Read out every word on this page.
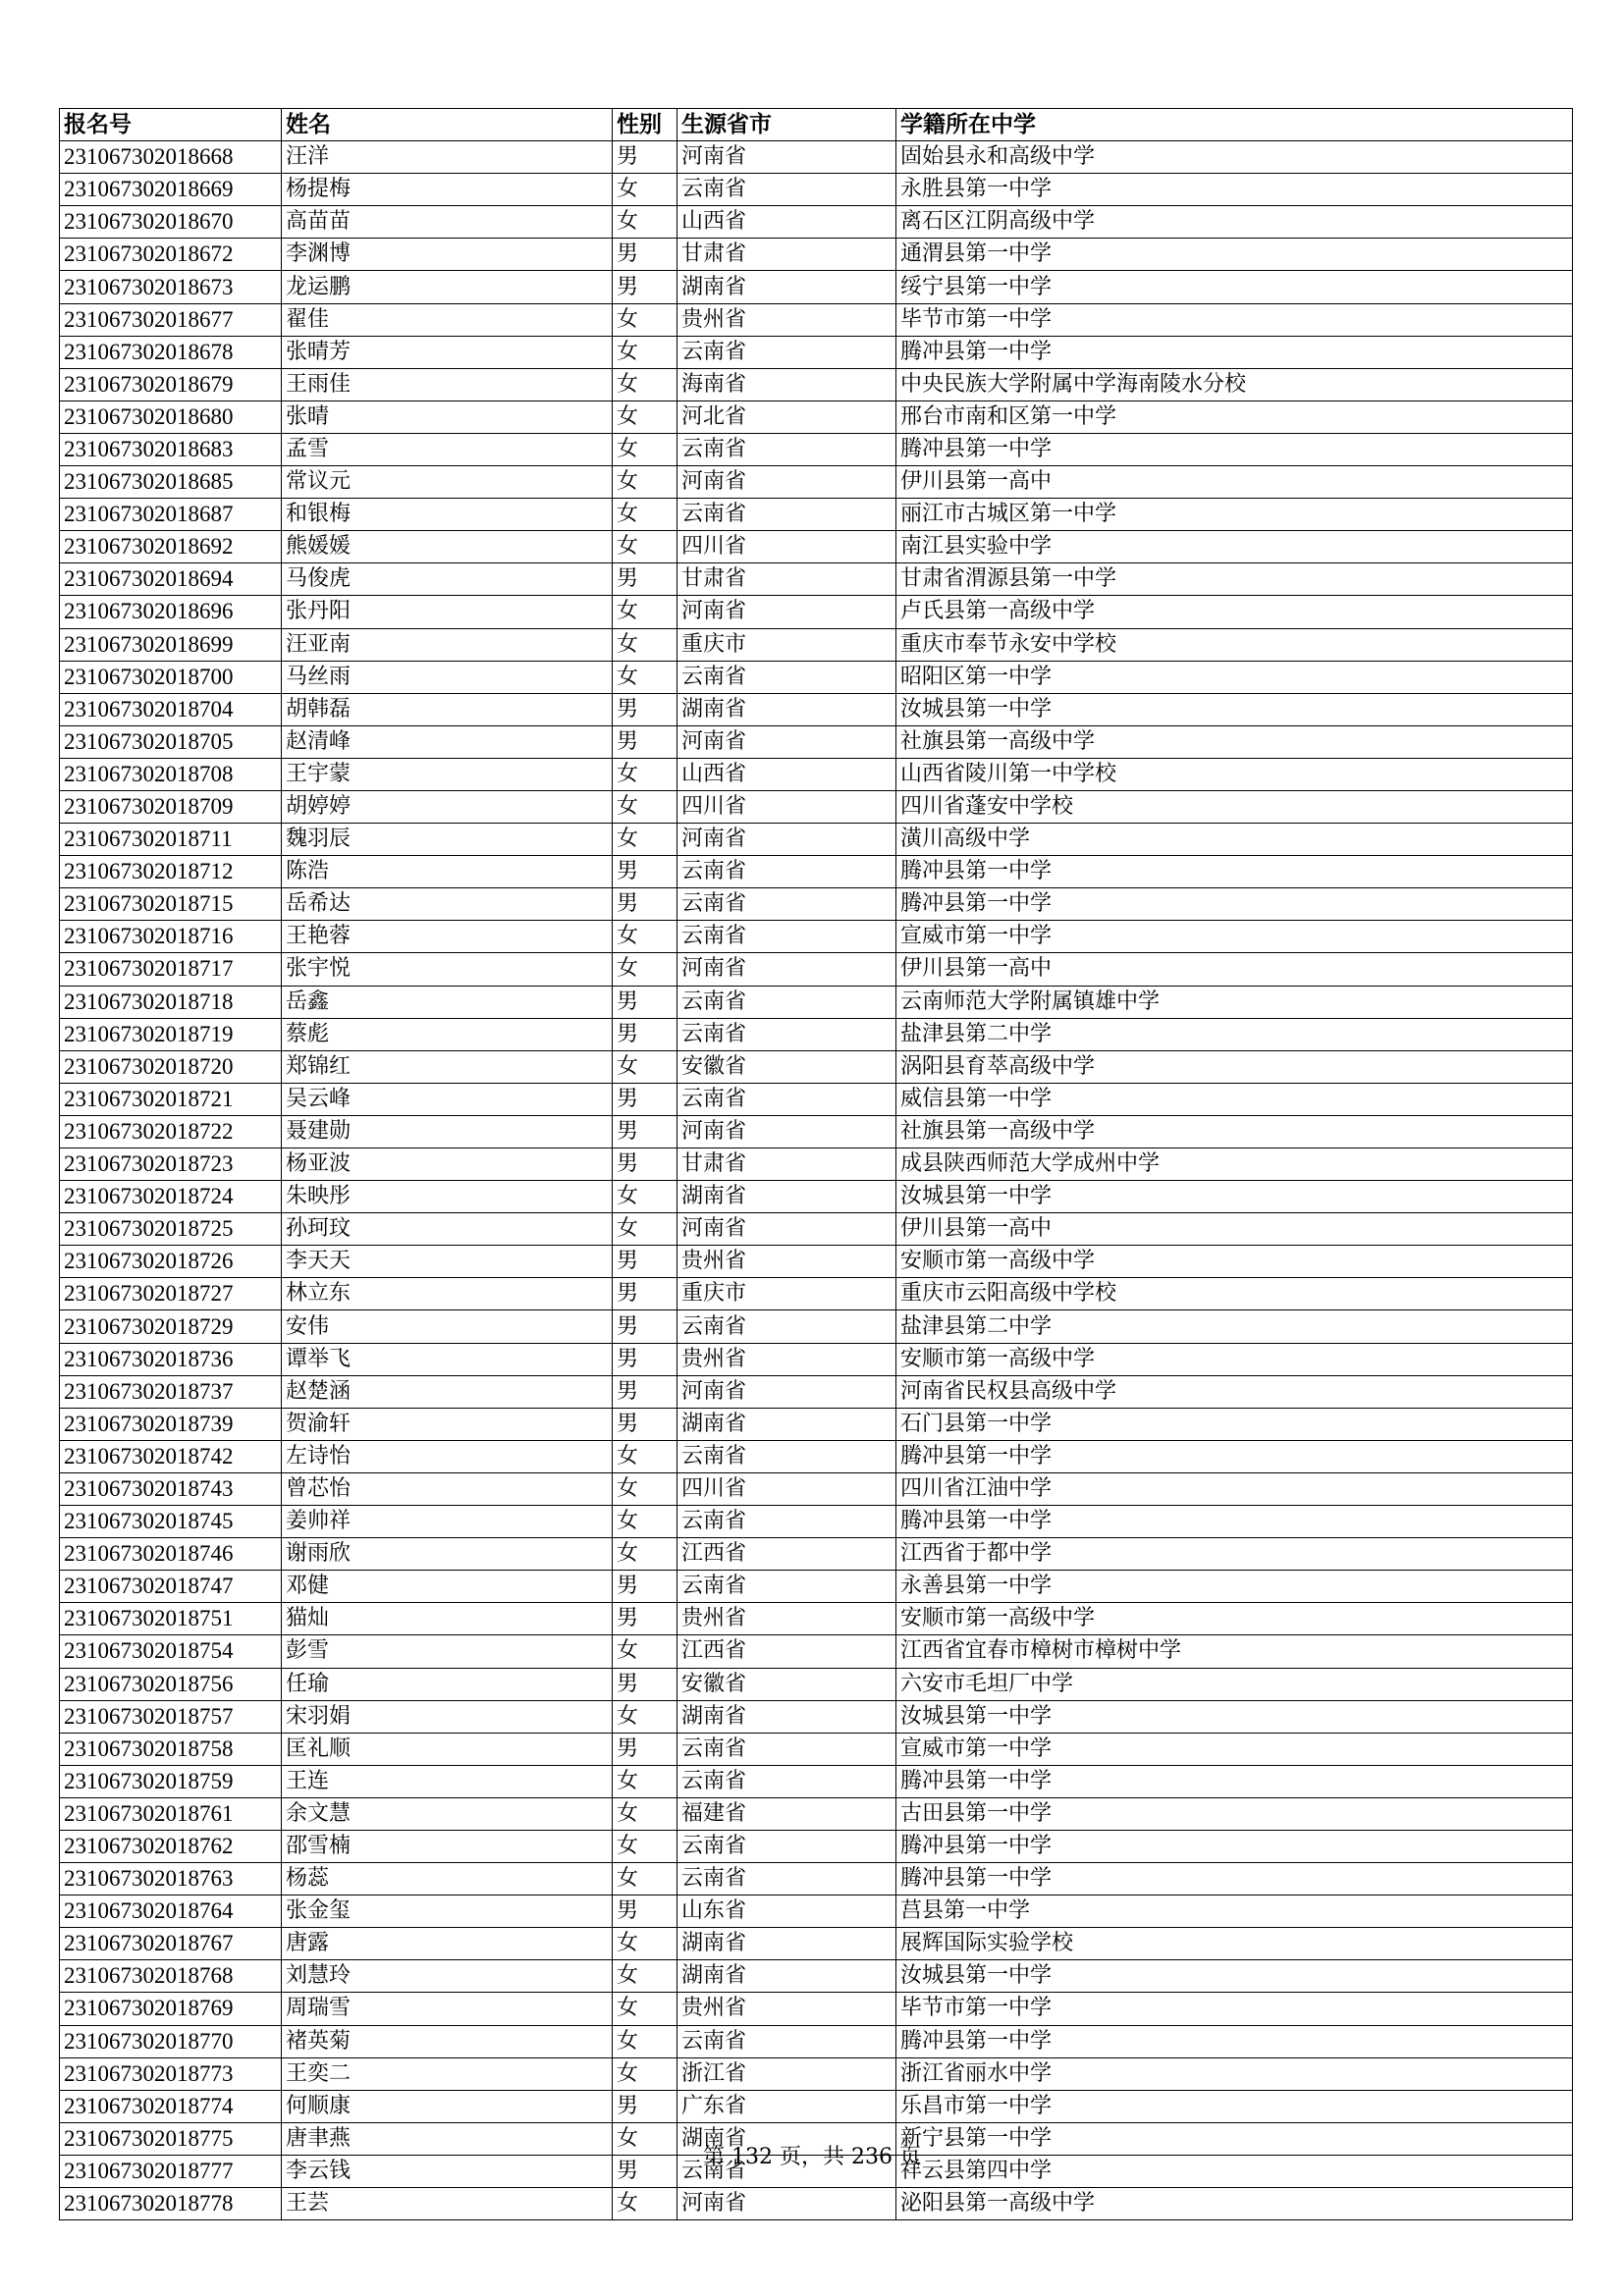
报名号	姓名	性别	生源省市	学籍所在中学
231067302018668	汪洋	男	河南省	固始县永和高级中学
231067302018669	杨提梅	女	云南省	永胜县第一中学
231067302018670	高苗苗	女	山西省	离石区江阴高级中学
231067302018672	李渊博	男	甘肃省	通渭县第一中学
231067302018673	龙运鹏	男	湖南省	绥宁县第一中学
231067302018677	翟佳	女	贵州省	毕节市第一中学
231067302018678	张晴芳	女	云南省	腾冲县第一中学
231067302018679	王雨佳	女	海南省	中央民族大学附属中学海南陵水分校
231067302018680	张晴	女	河北省	邢台市南和区第一中学
231067302018683	孟雪	女	云南省	腾冲县第一中学
231067302018685	常议元	女	河南省	伊川县第一高中
231067302018687	和银梅	女	云南省	丽江市古城区第一中学
231067302018692	熊媛媛	女	四川省	南江县实验中学
231067302018694	马俊虎	男	甘肃省	甘肃省渭源县第一中学
231067302018696	张丹阳	女	河南省	卢氏县第一高级中学
231067302018699	汪亚南	女	重庆市	重庆市奉节永安中学校
231067302018700	马丝雨	女	云南省	昭阳区第一中学
231067302018704	胡韩磊	男	湖南省	汝城县第一中学
231067302018705	赵清峰	男	河南省	社旗县第一高级中学
231067302018708	王宇蒙	女	山西省	山西省陵川第一中学校
231067302018709	胡婷婷	女	四川省	四川省蓬安中学校
231067302018711	魏羽辰	女	河南省	潢川高级中学
231067302018712	陈浩	男	云南省	腾冲县第一中学
231067302018715	岳希达	男	云南省	腾冲县第一中学
231067302018716	王艳蓉	女	云南省	宣威市第一中学
231067302018717	张宇悦	女	河南省	伊川县第一高中
231067302018718	岳鑫	男	云南省	云南师范大学附属镇雄中学
231067302018719	蔡彪	男	云南省	盐津县第二中学
231067302018720	郑锦红	女	安徽省	涡阳县育萃高级中学
231067302018721	吴云峰	男	云南省	威信县第一中学
231067302018722	聂建勋	男	河南省	社旗县第一高级中学
231067302018723	杨亚波	男	甘肃省	成县陕西师范大学成州中学
231067302018724	朱映彤	女	湖南省	汝城县第一中学
231067302018725	孙珂玟	女	河南省	伊川县第一高中
231067302018726	李天天	男	贵州省	安顺市第一高级中学
231067302018727	林立东	男	重庆市	重庆市云阳高级中学校
231067302018729	安伟	男	云南省	盐津县第二中学
231067302018736	谭举飞	男	贵州省	安顺市第一高级中学
231067302018737	赵楚涵	男	河南省	河南省民权县高级中学
231067302018739	贺渝轩	男	湖南省	石门县第一中学
231067302018742	左诗怡	女	云南省	腾冲县第一中学
231067302018743	曾芯怡	女	四川省	四川省江油中学
231067302018745	姜帅祥	女	云南省	腾冲县第一中学
231067302018746	谢雨欣	女	江西省	江西省于都中学
231067302018747	邓健	男	云南省	永善县第一中学
231067302018751	猫灿	男	贵州省	安顺市第一高级中学
231067302018754	彭雪	女	江西省	江西省宜春市樟树市樟树中学
231067302018756	任瑜	男	安徽省	六安市毛坦厂中学
231067302018757	宋羽娟	女	湖南省	汝城县第一中学
231067302018758	匡礼顺	男	云南省	宣威市第一中学
231067302018759	王连	女	云南省	腾冲县第一中学
231067302018761	余文慧	女	福建省	古田县第一中学
231067302018762	邵雪楠	女	云南省	腾冲县第一中学
231067302018763	杨蕊	女	云南省	腾冲县第一中学
231067302018764	张金玺	男	山东省	莒县第一中学
231067302018767	唐露	女	湖南省	展辉国际实验学校
231067302018768	刘慧玲	女	湖南省	汝城县第一中学
231067302018769	周瑞雪	女	贵州省	毕节市第一中学
231067302018770	褚英菊	女	云南省	腾冲县第一中学
231067302018773	王奕二	女	浙江省	浙江省丽水中学
231067302018774	何顺康	男	广东省	乐昌市第一中学
231067302018775	唐聿燕	女	湖南省	新宁县第一中学
231067302018777	李云钱	男	云南省	祥云县第四中学
231067302018778	王芸	女	河南省	泌阳县第一高级中学
第 132 页，共 236 页
